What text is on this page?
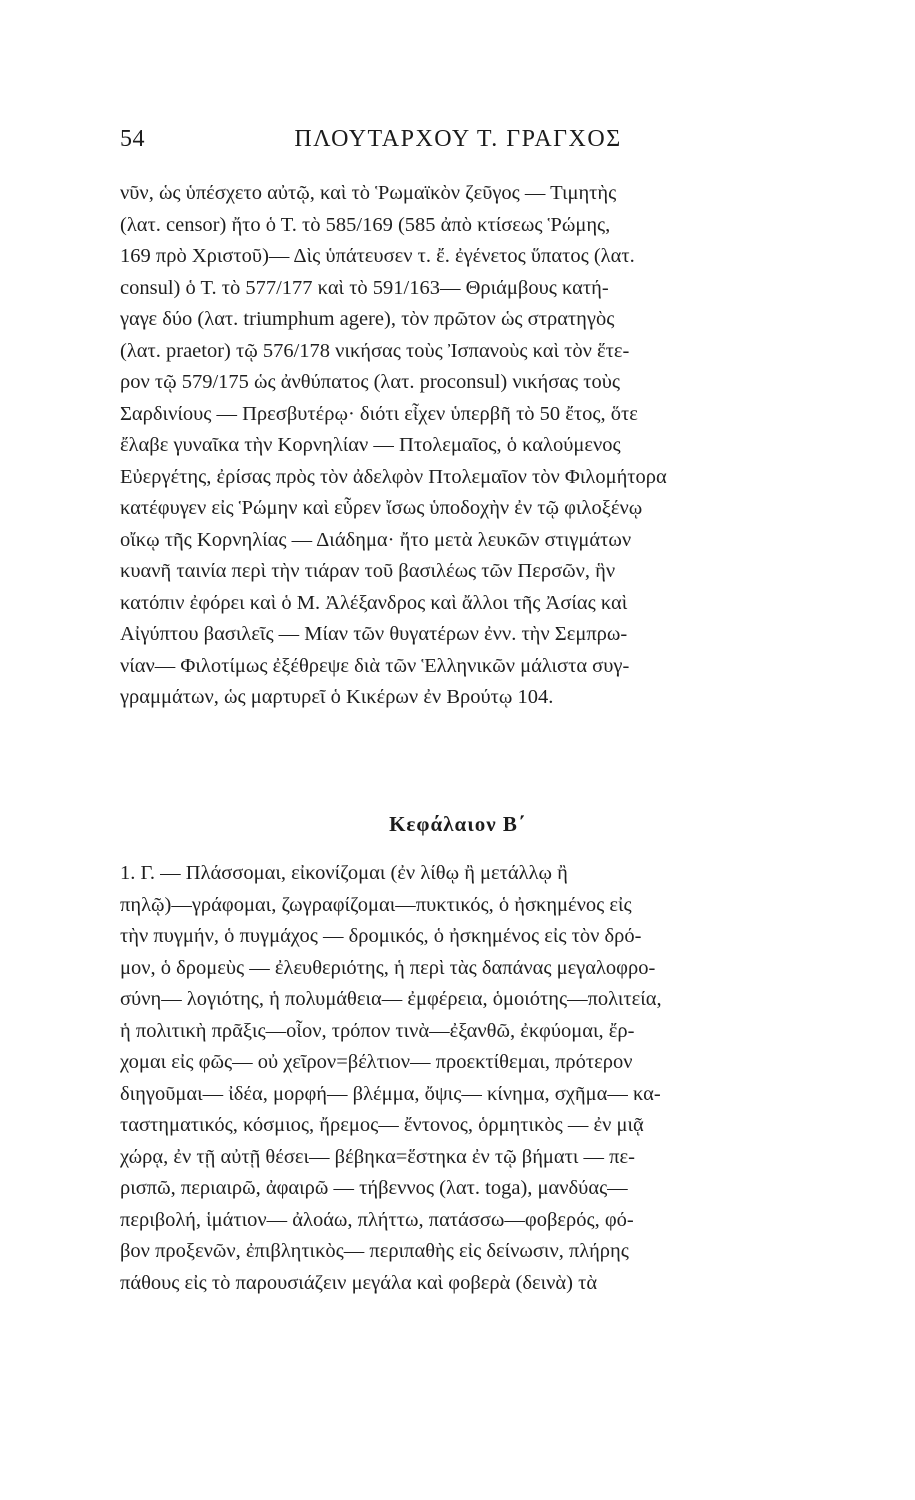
54	ΠΛΟΥΤΑΡΧΟΥ Τ. ΓΡΑΓΧΟΣ
νῦν, ὡς ὑπέσχετο αὐτῷ, καὶ τὸ Ῥωμαϊκὸν ζεῦγος — Τιμητὴς
(λατ. censor) ἤτο ὁ Τ. τὸ 585/169 (585 ἀπὸ κτίσεως Ῥώμης,
169 πρὸ Χριστοῦ)— Δὶς ὑπάτευσεν τ. ἔ. ἐγένετος ὕπατος (λατ.
consul) ὁ Τ. τὸ 577/177 καὶ τὸ 591/163— Θριάμβους κατή-
γαγε δύο (λατ. triumphum agere), τὸν πρῶτον ὡς στρατηγὸς
(λατ. praetor) τῷ 576/178 νικήσας τοὺς Ἰσπανοὺς καὶ τὸν ἕτε-
ρον τῷ 579/175 ὡς ἀνθύπατος (λατ. proconsul) νικήσας τοὺς
Σαρδινίους — Πρεσβυτέρῳ· διότι εἶχεν ὑπερβῆ τὸ 50 ἔτος, ὅτε
ἔλαβε γυναῖκα τὴν Κορνηλίαν — Πτολεμαῖος, ὁ καλούμενος
Εὐεργέτης, ἐρίσας πρὸς τὸν ἀδελφὸν Πτολεμαῖον τὸν Φιλομήτορα
κατέφυγεν εἰς Ῥώμην καὶ εὗρεν ἴσως ὑποδοχὴν ἐν τῷ φιλοξένῳ
οἴκῳ τῆς Κορνηλίας — Διάδημα· ἤτο μετὰ λευκῶν στιγμάτων
κυανῆ ταινία περὶ τὴν τιάραν τοῦ βασιλέως τῶν Περσῶν, ἣν
κατόπιν ἐφόρει καὶ ὁ Μ. Ἀλέξανδρος καὶ ἄλλοι τῆς Ἀσίας καὶ
Αἰγύπτου βασιλεῖς — Μίαν τῶν θυγατέρων ἐνν. τὴν Σεμπρω-
νίαν— Φιλοτίμως ἐξέθρεψε διὰ τῶν Ἑλληνικῶν μάλιστα συγ-
γραμμάτων, ὡς μαρτυρεῖ ὁ Κικέρων ἐν Βρούτῳ 104.
Κεφάλαιον Β΄
1. Γ. — Πλάσσομαι, εἰκονίζομαι (ἐν λίθῳ ἢ μετάλλῳ ἢ
πηλῷ)—γράφομαι, ζωγραφίζομαι—πυκτικός, ὁ ἠσκημένος εἰς
τὴν πυγμήν, ὁ πυγμάχος — δρομικός, ὁ ἠσκημένος εἰς τὸν δρό-
μον, ὁ δρομεὺς — ἐλευθεριότης, ἡ περὶ τὰς δαπάνας μεγαλοφρο-
σύνη— λογιότης, ἡ πολυμάθεια— ἐμφέρεια, ὁμοιότης—πολιτεία,
ἡ πολιτικὴ πρᾶξις—οἷον, τρόπον τινὰ—ἐξανθῶ, ἐκφύομαι, ἔρ-
χομαι εἰς φῶς— οὐ χεῖρον=βέλτιον— προεκτίθεμαι, πρότερον
διηγοῦμαι— ἰδέα, μορφή— βλέμμα, ὄψις— κίνημα, σχῆμα— κα-
ταστηματικός, κόσμιος, ἤρεμος— ἔντονος, ὁρμητικὸς — ἐν μιᾷ
χώρᾳ, ἐν τῇ αὐτῇ θέσει— βέβηκα=ἕστηκα ἐν τῷ βήματι — πε-
ρισπῶ, περιαιρῶ, ἀφαιρῶ — τήβεννος (λατ. toga), μανδύας—
περιβολή, ἱμάτιον— ἀλοάω, πλήττω, πατάσσω—φοβερός, φό-
βον προξενῶν, ἐπιβλητικὸς— περιπαθὴς εἰς δείνωσιν, πλήρης
πάθους εἰς τὸ παρουσιάζειν μεγάλα καὶ φοβερὰ (δεινὰ) τὰ
